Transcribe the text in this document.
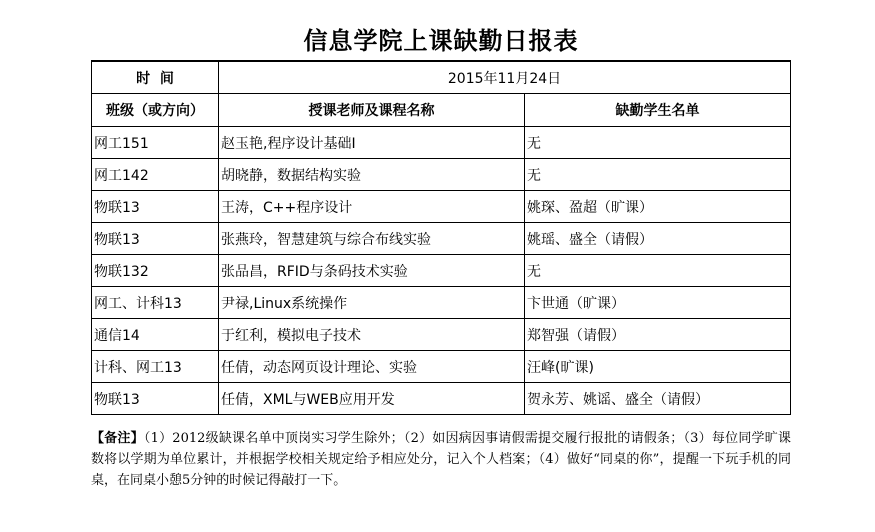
信息学院上课缺勤日报表
时  间	2015年11月24日	
班级（或方向）	授课老师及课程名称	缺勤学生名单
网工151	赵玉艳,程序设计基础I	无
网工142	胡晓静，数据结构实验	无
物联13	王涛，C++程序设计	姚琛、盈超（旷课）
物联13	张燕玲，智慧建筑与综合布线实验	姚瑶、盛全（请假）
物联132	张品昌，RFID与条码技术实验	无
网工、计科13	尹禄,Linux系统操作	卞世通（旷课）
通信14	于红利，模拟电子技术	郑智强（请假）
计科、网工13	任倩，动态网页设计理论、实验	汪峰(旷课)
物联13	任倩，XML与WEB应用开发	贺永芳、姚谣、盛全（请假）
【备注】（1）2012级缺课名单中顶岗实习学生除外；（2）如因病因事请假需提交履行报批的请假条；（3）每位同学旷课数将以学期为单位累计，并根据学校相关规定给予相应处分，记入个人档案；（4）做好“同桌的你”，提醒一下玩手机的同桌，在同桌小憩5分钟的时候记得敲打一下。
